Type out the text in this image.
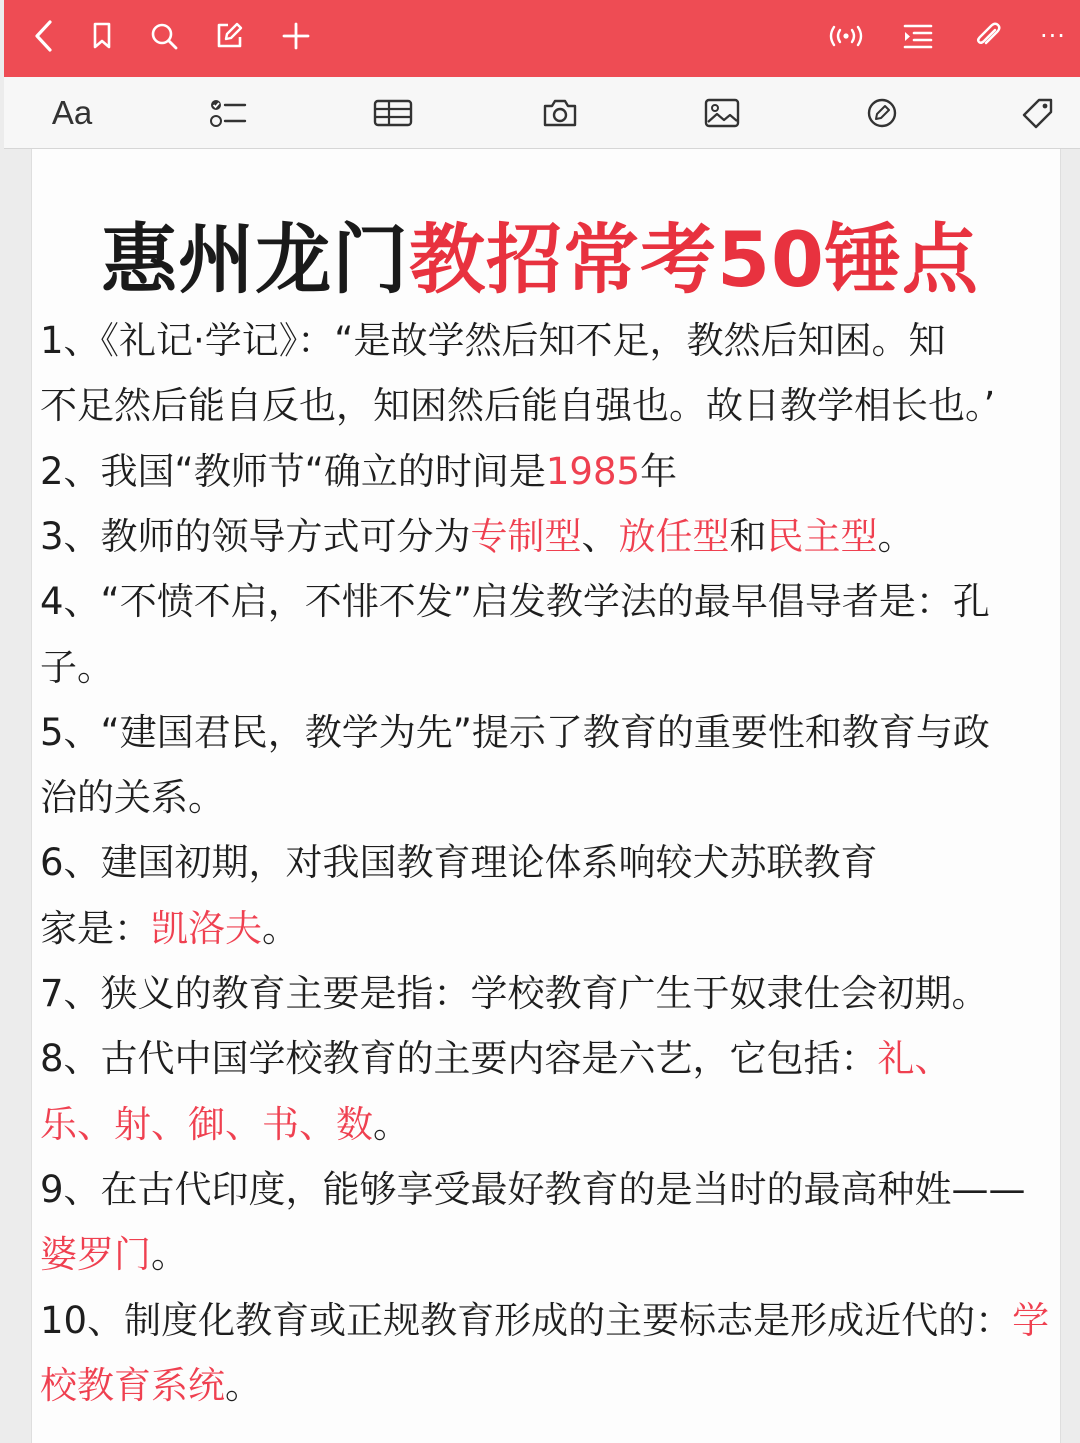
···
Aa
惠州龙门教招常考50锤点
1、《礼记·学记》：“是故学然后知不足，教然后知困。知
不足然后能自反也，知困然后能自强也。故日教学相长也。’
2、我国“教师节“确立的时间是1985年
3、教师的领导方式可分为专制型、放任型和民主型。
4、“不愤不启，不悱不发”启发教学法的最早倡导者是：孔
子。
5、“建国君民，教学为先”提示了教育的重要性和教育与政
治的关系。
6、建国初期，对我国教育理论体系响较犬苏联教育
家是：凯洛夫。
7、狭义的教育主要是指：学校教育广生于奴隶仕会初期。
8、古代中国学校教育的主要内容是六艺，它包括：礼、
乐、射、御、书、数。
9、在古代印度，能够享受最好教育的是当时的最高种姓——
婆罗门。
10、制度化教育或正规教育形成的主要标志是形成近代的：学
校教育系统。
